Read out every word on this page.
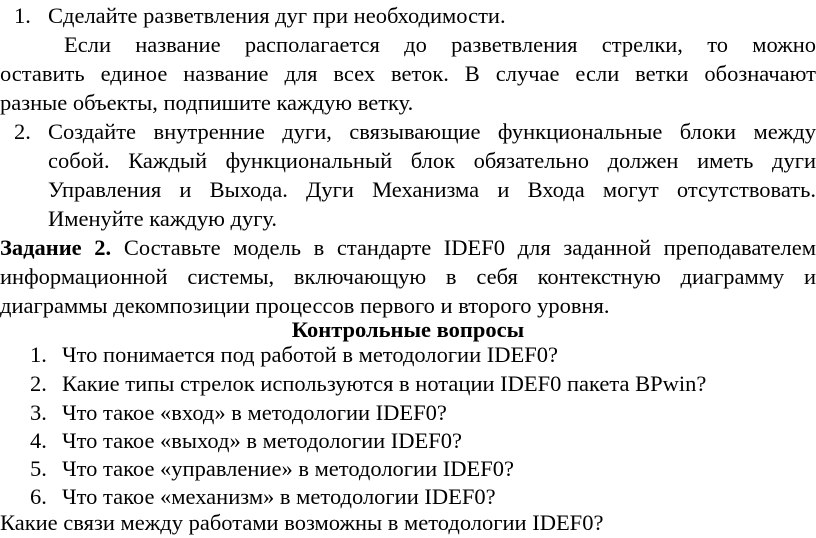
1. Сделайте разветвления дуг при необходимости.
Если название располагается до разветвления стрелки, то можно
оставить единое название для всех веток. В случае если ветки обозначают
разные объекты, подпишите каждую ветку.
2. Создайте внутренние дуги, связывающие функциональные блоки между
собой. Каждый функциональный блок обязательно должен иметь дуги
Управления и Выхода. Дуги Механизма и Входа могут отсутствовать.
Именуйте каждую дугу.
Задание 2. Составьте модель в стандарте IDEF0 для заданной преподавателем
информационной системы, включающую в себя контекстную диаграмму и
диаграммы декомпозиции процессов первого и второго уровня.
Контрольные вопросы
1. Что понимается под работой в методологии IDEF0?
2. Какие типы стрелок используются в нотации IDEF0 пакета BPwin?
3. Что такое «вход» в методологии IDEF0?
4. Что такое «выход» в методологии IDEF0?
5. Что такое «управление» в методологии IDEF0?
6. Что такое «механизм» в методологии IDEF0?
Какие связи между работами возможны в методологии IDEF0?
